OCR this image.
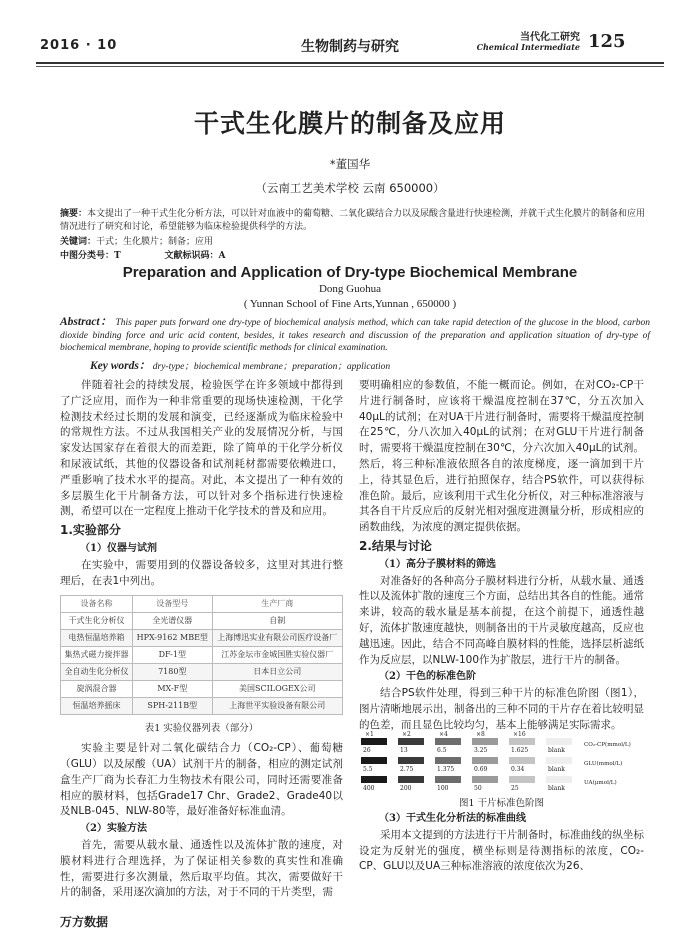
2016 · 10	生物制药与研究
当代化工研究
Chemical Intermediate 125
干式生化膜片的制备及应用
*董国华
（云南工艺美术学校 云南 650000）
摘要：本文提出了一种干式生化分析方法，可以针对血液中的葡萄糖、二氧化碳结合力以及尿酸含量进行快速检测，并就干式生化膜片的制备和应用情况进行了研究和讨论，希望能够为临床检验提供科学的方法。
关键词：干式；生化膜片；制备；应用
中图分类号：T	文献标识码：A
Preparation and Application of Dry-type Biochemical Membrane
Dong Guohua
( Yunnan School of Fine Arts,Yunnan , 650000 )
Abstract： This paper puts forward one dry-type of biochemical analysis method, which can take rapid detection of the glucose in the blood, carbon dioxide binding force and uric acid content, besides, it takes research and discussion of the preparation and application situation of dry-type of biochemical membrane, hoping to provide scientific methods for clinical examination.
Key words： dry-type；biochemical membrane；preparation；application

伴随着社会的持续发展，检验医学在许多领域中都得到了广泛应用，而作为一种非常重要的现场快速检测，干化学检测技术经过长期的发展和演变，已经逐渐成为临床检验中的常规性方法。不过从我国相关产业的发展情况分析，与国家发达国家存在着很大的而差距，除了简单的干化学分析仪和尿液试纸，其他的仪器设备和试剂耗材都需要依赖进口，严重影响了技术水平的提高。对此，本文提出了一种有效的多层膜生化干片制备方法，可以针对多个指标进行快速检测，希望可以在一定程度上推动干化学技术的普及和应用。

1.实验部分
（1）仪器与试剂

在实验中，需要用到的仪器设备较多，这里对其进行整理后，在表1中列出。

设备名称	设备型号	生产厂商
干式生化分析仪	全光谱仪器	自制
电热恒温培养箱	HPX-9162 MBE型	上海博迅实业有限公司医疗设备厂
集热式磁力搅拌器	DF-1型	江苏金坛市金城国胜实验仪器厂
全自动生化分析仪	7180型	日本日立公司
旋涡混合器	MX-F型	美国SCILOGEX公司
恒温培养摇床	SPH-211B型	上海世平实验设备有限公司
表1 实验仪器列表（部分）

实验主要是针对二氧化碳结合力（CO₂-CP）、葡萄糖（GLU）以及尿酸（UA）试剂干片的制备，相应的测定试剂盒生产厂商为长春汇力生物技术有限公司，同时还需要准备相应的膜材料，包括Grade17 Chr、Grade2、Grade40以及NLB-045、NLW-80等，最好准备好标准血清。

（2）实验方法

首先，需要从载水量、通透性以及流体扩散的速度，对膜材料进行合理选择，为了保证相关参数的真实性和准确性，需要进行多次测量，然后取平均值。其次，需要做好干片的制备，采用逐次滴加的方法，对于不同的干片类型，需

要明确相应的参数值，不能一概而论。例如，在对CO₂-CP干片进行制备时，应该将干燥温度控制在37℃，分五次加入40μL的试剂；在对UA干片进行制备时，需要将干燥温度控制在25℃，分八次加入40μL的试剂；在对GLU干片进行制备时，需要将干燥温度控制在30℃，分六次加入40μL的试剂。然后，将三种标准液依照各自的浓度梯度，逐一滴加到干片上，待其显色后，进行拍照保存，结合PS软件，可以获得标准色阶。最后，应该利用干式生化分析仪，对三种标准溶液与其各自干片反应后的反射光相对强度进测量分析，形成相应的函数曲线，为浓度的测定提供依据。

2.结果与讨论
（1）高分子膜材料的筛选

对准备好的各种高分子膜材料进行分析，从载水量、通透性以及流体扩散的速度三个方面，总结出其各自的性能。通常来讲，较高的载水量是基本前提，在这个前提下，通透性越好，流体扩散速度越快，则制备出的干片灵敏度越高，反应也越迅速。因此，结合不同高峰自膜材料的性能，选择层析滤纸作为反应层，以NLW-100作为扩散层，进行干片的制备。

（2）干色的标准色阶

结合PS软件处理，得到三种干片的标准色阶图（图1），图片清晰地展示出，制备出的三种不同的干片存在着比较明显的色差，而且显色比较均匀，基本上能够满足实际需求。

×1	×2	×4	×8	×16
26	13	6.5	3.25	1.625	blank
CO₂-CP(mmol/L)
5.5	2.75	1.375	0.69	0.34	blank
GLU(mmol/L)
400	200	100	50	25	blank
UA(μmol/L)
图1 干片标准色阶图
（3）干式生化分析法的标准曲线

采用本文提到的方法进行干片制备时，标准曲线的纵坐标设定为反射光的强度，横坐标则是待测指标的浓度，CO₂-CP、GLU以及UA三种标准溶液的浓度依次为26、

万方数据
